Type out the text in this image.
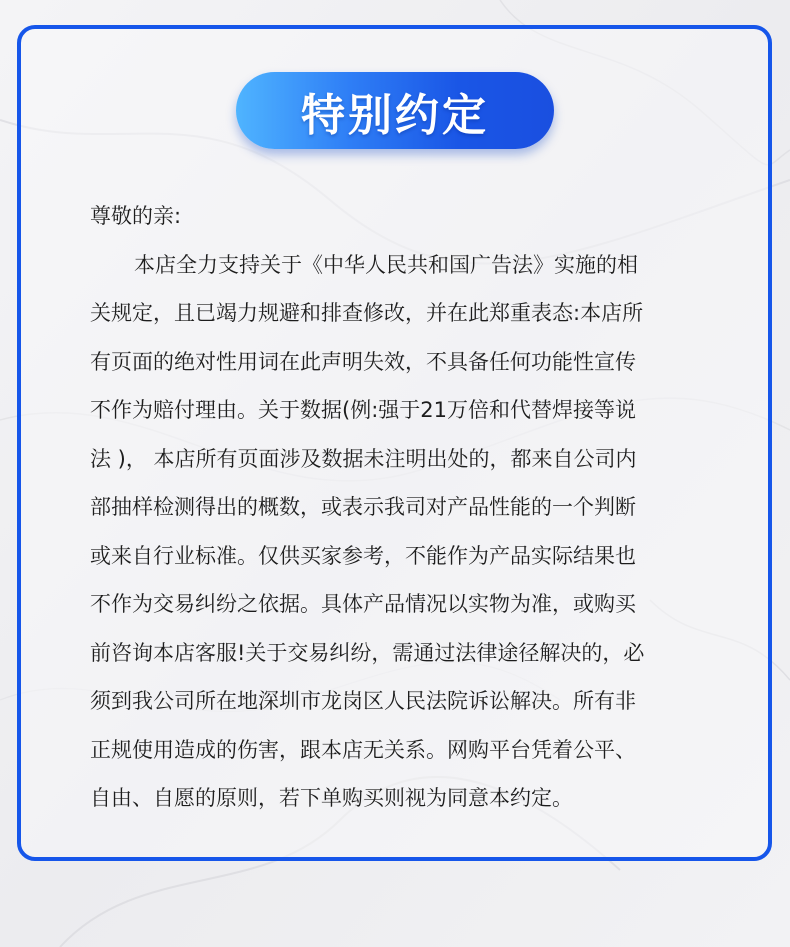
特别约定

尊敬的亲:

本店全力支持关于《中华人民共和国广告法》实施的相

关规定，且已竭力规避和排查修改，并在此郑重表态:本店所

有页面的绝对性用词在此声明失效，不具备任何功能性宣传

不作为赔付理由。关于数据(例:强于21万倍和代替焊接等说

法 )， 本店所有页面涉及数据未注明出处的，都来自公司内

部抽样检测得出的概数，或表示我司对产品性能的一个判断

或来自行业标准。仅供买家参考，不能作为产品实际结果也

不作为交易纠纷之依据。具体产品情况以实物为准，或购买

前咨询本店客服!关于交易纠纷，需通过法律途径解决的，必

须到我公司所在地深圳市龙岗区人民法院诉讼解决。所有非

正规使用造成的伤害，跟本店无关系。网购平台凭着公平、

自由、自愿的原则，若下单购买则视为同意本约定。
